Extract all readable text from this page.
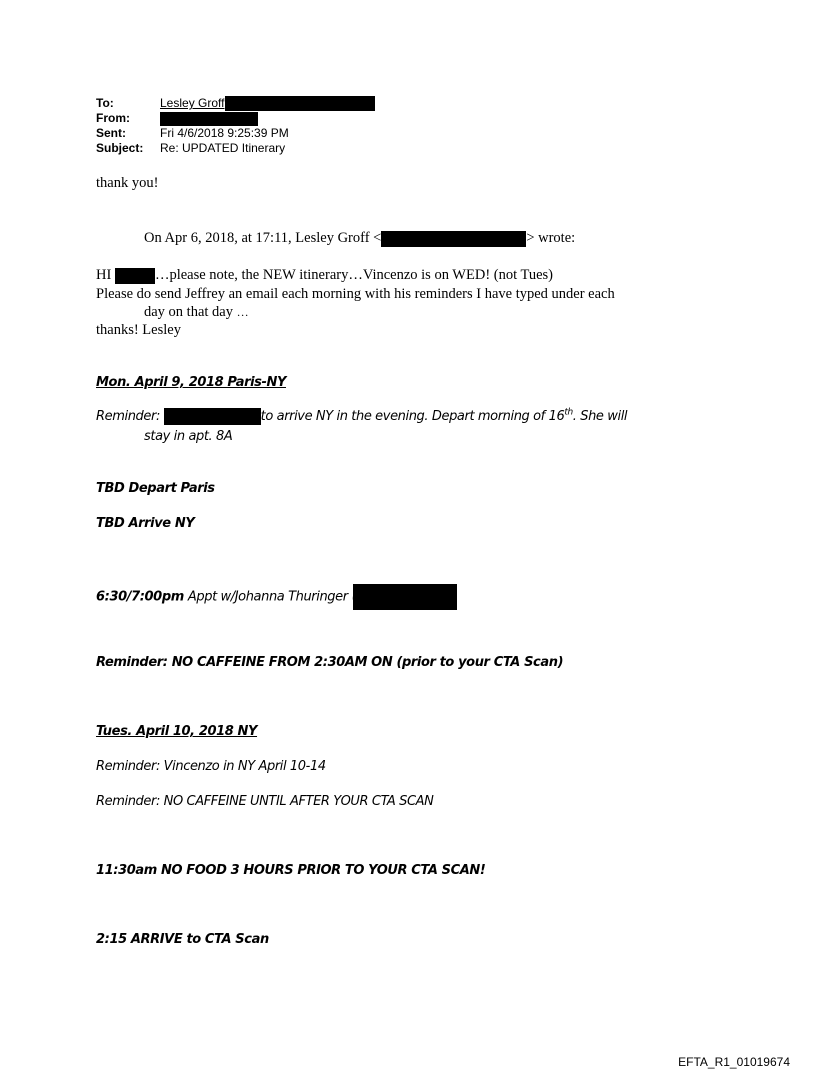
To:	Lesley Groff
From:
Sent:	Fri 4/6/2018 9:25:39 PM
Subject:	Re: UPDATED Itinerary
thank you!
On Apr 6, 2018, at 17:11, Lesley Groff <	> wrote:
HI	…please note, the NEW itinerary…Vincenzo is on WED! (not Tues)
Please do send Jeffrey an email each morning with his reminders I have typed under each
day on that day …
thanks! Lesley
Mon. April 9, 2018 Paris-NY
Reminder:	to arrive NY in the evening. Depart morning of 16th. She will
stay in apt. 8A
TBD Depart Paris
TBD Arrive NY
6:30/7:00pm Appt w/Johanna Thuringer
Reminder: NO CAFFEINE FROM 2:30AM ON (prior to your CTA Scan)
Tues. April 10, 2018 NY
Reminder: Vincenzo in NY April 10-14
Reminder: NO CAFFEINE UNTIL AFTER YOUR CTA SCAN
11:30am NO FOOD 3 HOURS PRIOR TO YOUR CTA SCAN!
2:15 ARRIVE to CTA Scan
EFTA_R1_01019674
